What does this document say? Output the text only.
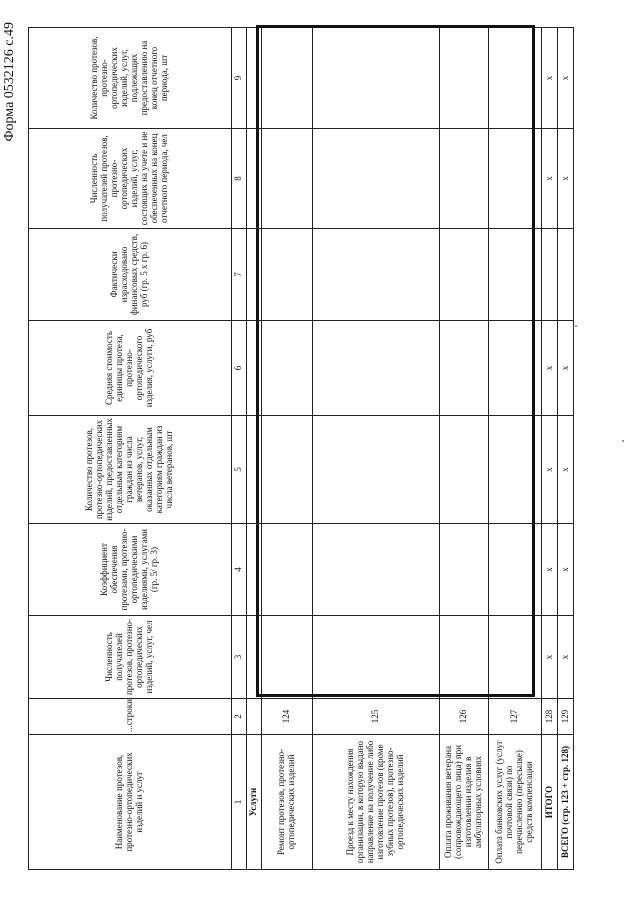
Форма 0532126 с.49
Наименование протезов, протезно-ортопедических изделий и услуг	...строки	Численность получателей протезов, протезно-ортопедических изделий, услуг, чел	Коэффициент обеспечения протезами, протезно-ортопедическими изделиями, услугами (гр. 5/ гр. 3)	Количество протезов, протезно-ортопедических изделий, предоставленных отдельным категориям граждан из числа ветеранов, услуг, оказанных отдельным категориям граждан из числа ветеранов, шт	Средняя стоимость единицы протеза, протезно-ортопедического изделия, услуги, руб	Фактически израсходовано финансовых средств, руб (гр. 5 х гр. 6)	Численность получателей протезов, протезно-ортопедических изделий, услуг, состоящих на учете и не обеспеченных на конец отчетного периода, чел	Количество протезов, протезно-ортопедических изделий, услуг, подлежащих предоставлению на конец отчетного периода, шт
1	2	3	4	5	6	7	8	9
Услуги								
Ремонт протезов, протезно-ортопедических изделий	124							
Проезд к месту нахождения организации, в которую выдано направление на получение либо изготовление протезов (кроме зубных протезов), протезно-ортопедических изделий	125							
Оплата проживания ветерана (сопровождающего лица) при изготовлении изделия в амбулаторных условиях	126							
Оплата банковских услуг (услуг почтовой связи) по перечислению (пересылке) средств компенсации	127							
ИТОГО	128	x	x	x	x		x	x
ВСЕГО (стр. 123 + стр. 128)	129	x	x	x	x		x	x
